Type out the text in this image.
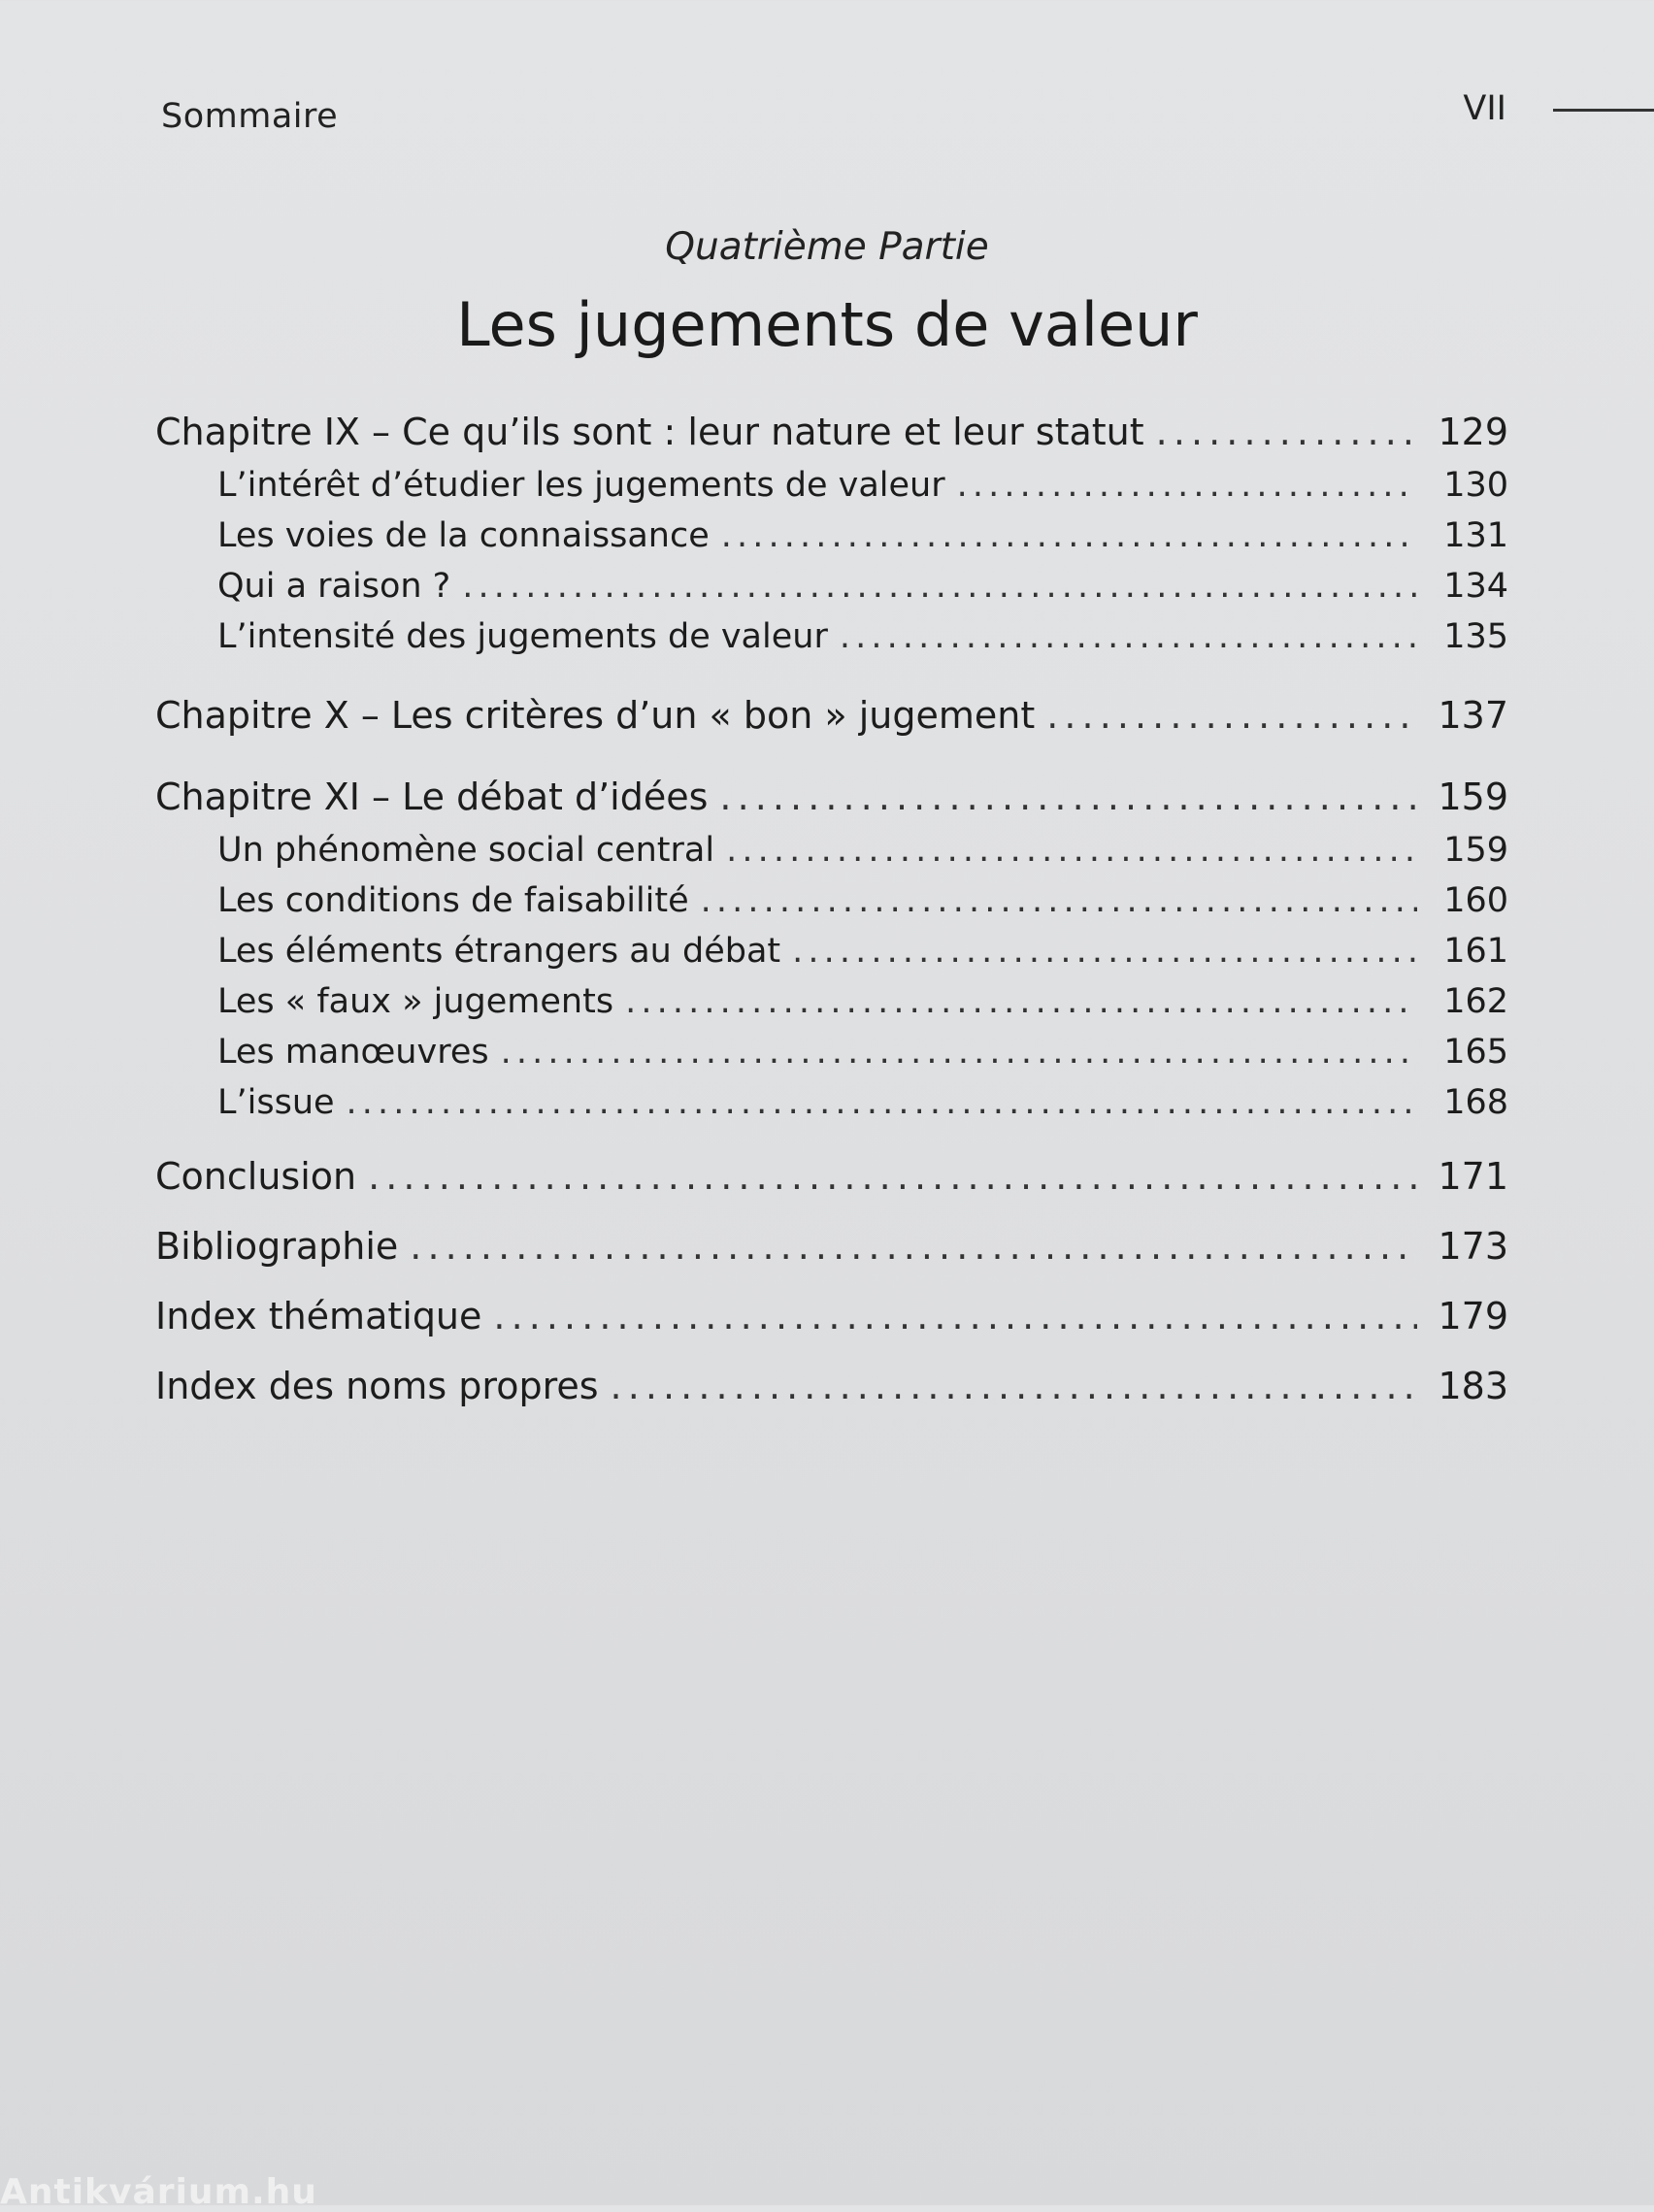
Sommaire	VII
Quatrième Partie
Les jugements de valeur
Chapitre IX – Ce qu’ils sont : leur nature et leur statut . . .	129
L’intérêt d’étudier les jugements de valeur . . .	130
Les voies de la connaissance . . .	131
Qui a raison ? . . .	134
L’intensité des jugements de valeur . . .	135
Chapitre X – Les critères d’un « bon » jugement . . .	137
Chapitre XI – Le débat d’idées . . .	159
Un phénomène social central . . .	159
Les conditions de faisabilité . . .	160
Les éléments étrangers au débat . . .	161
Les « faux » jugements . . .	162
Les manœuvres . . .	165
L’issue . . .	168
Conclusion . . .	171
Bibliographie . . .	173
Index thématique . . .	179
Index des noms propres . . .	183
Antikvárium.hu
